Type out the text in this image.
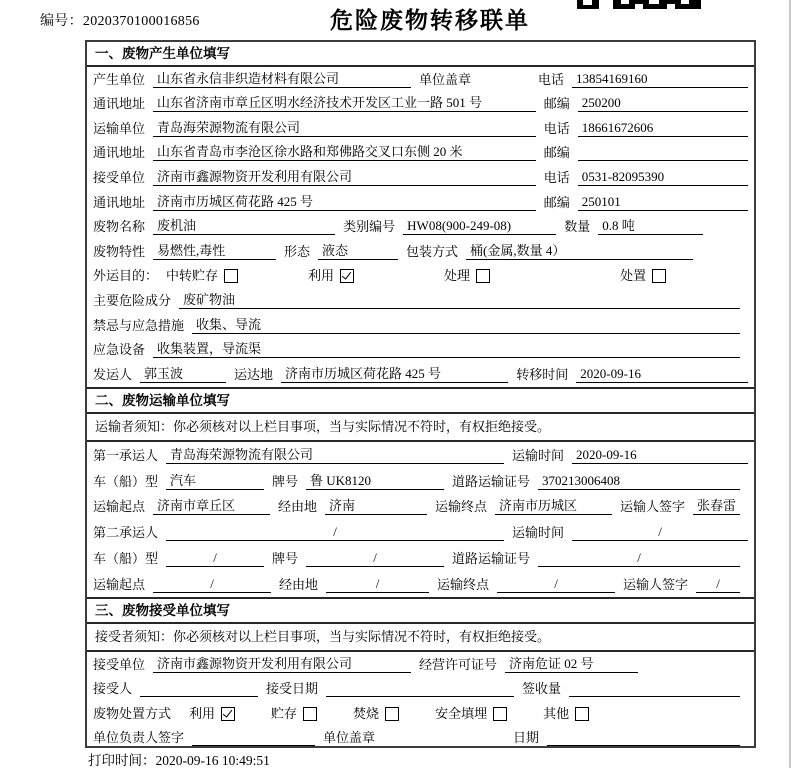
编号：2020370100016856	危险废物转移联单
一、废物产生单位填写
产生单位 山东省永信非织造材料有限公司	单位盖章	电话 13854169160
通讯地址 山东省济南市章丘区明水经济技术开发区工业一路 501 号	邮编 250200
运输单位 青岛海荣源物流有限公司	电话 18661672606
通讯地址 山东省青岛市李沧区徐水路和郑佛路交叉口东侧 20 米	邮编
接受单位 济南市鑫源物资开发利用有限公司	电话 0531-82095390
通讯地址 济南市历城区荷花路 425 号	邮编 250101
废物名称 废机油	类别编号 HW08(900-249-08)	数量 0.8 吨
废物特性 易燃性,毒性	形态 液态	包装方式 桶(金属,数量 4）
外运目的： 中转贮存	利用	处理	处置
主要危险成分 废矿物油
禁忌与应急措施 收集、导流
应急设备 收集装置，导流渠
发运人 郭玉波	运达地 济南市历城区荷花路 425 号	转移时间 2020-09-16
二、废物运输单位填写
运输者须知：你必须核对以上栏目事项，当与实际情况不符时，有权拒绝接受。
第一承运人 青岛海荣源物流有限公司	运输时间 2020-09-16
车（船）型 汽车	牌号 鲁 UK8120	道路运输证号 370213006408
运输起点 济南市章丘区	经由地 济南	运输终点 济南市历城区	运输人签字 张春雷
第二承运人	/	运输时间	/
车（船）型	/	牌号	/	道路运输证号	/
运输起点	/	经由地	/	运输终点	/	运输人签字	/
三、废物接受单位填写
接受者须知：你必须核对以上栏目事项，当与实际情况不符时，有权拒绝接受。
接受单位 济南市鑫源物资开发利用有限公司	经营许可证号 济南危证 02 号
接受人	接受日期	签收量
废物处置方式 利用	贮存	焚烧	安全填埋	其他
单位负责人签字	单位盖章	日期
打印时间：2020-09-16 10:49:51
